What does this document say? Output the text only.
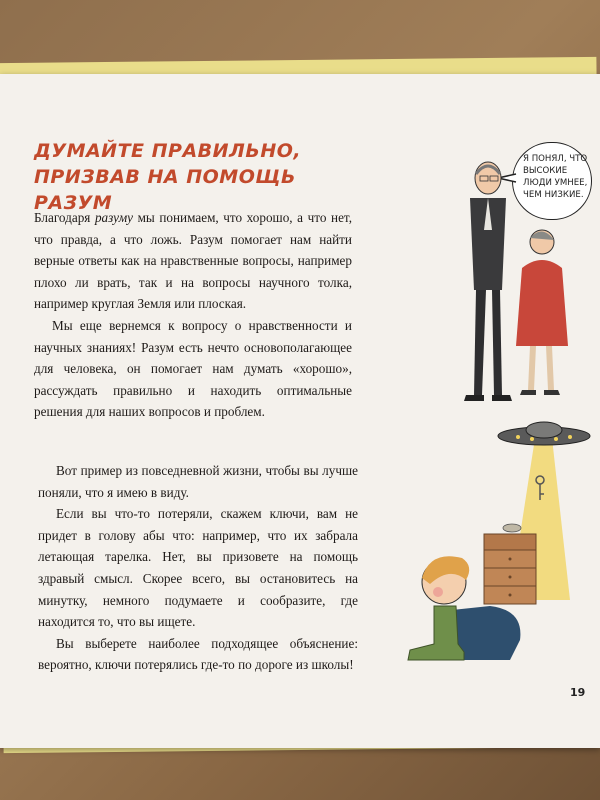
ДУМАЙТЕ ПРАВИЛЬНО,
ПРИЗВАВ НА ПОМОЩЬ РАЗУМ

Благодаря разуму мы понимаем, что хорошо, а что нет, что правда, а что ложь. Разум помогает нам найти верные ответы как на нравственные вопросы, например плохо ли врать, так и на вопросы научного толка, например круглая Земля или плоская.

Мы еще вернемся к вопросу о нравственности и научных знаниях! Разум есть нечто основополагающее для человека, он помогает нам думать «хорошо», рассуждать правильно и находить оптимальные решения для наших вопросов и проблем.

Вот пример из повседневной жизни, чтобы вы лучше поняли, что я имею в виду.

Если вы что-то потеряли, скажем ключи, вам не придет в голову абы что: например, что их забрала летающая тарелка. Нет, вы призовете на помощь здравый смысл. Скорее всего, вы остановитесь на минутку, немного подумаете и сообразите, где находится то, что вы ищете.

Вы выберете наиболее подходящее объяснение: вероятно, ключи потерялись где-то по дороге из школы!

Я ПОНЯЛ, ЧТО ВЫСОКИЕ ЛЮДИ УМНЕЕ, ЧЕМ НИЗКИЕ.
19
